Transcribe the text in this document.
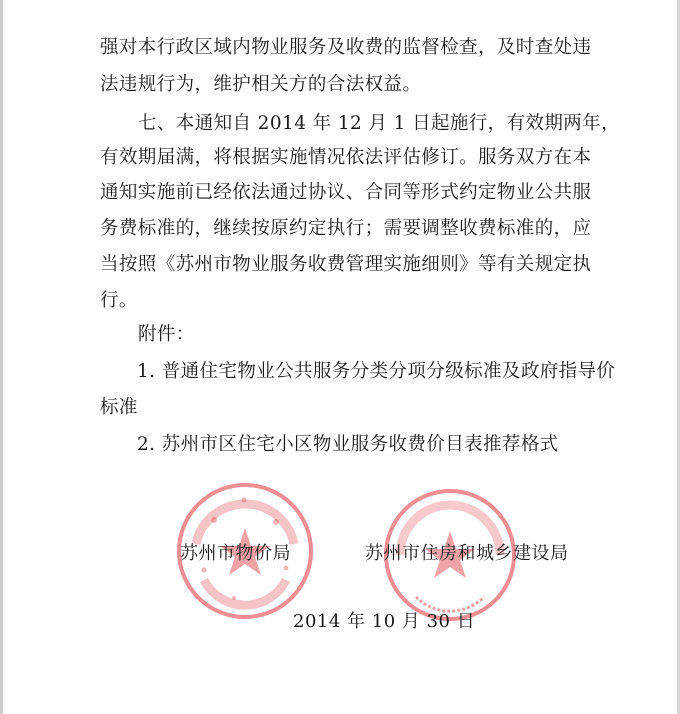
强对本行政区域内物业服务及收费的监督检查，及时查处违
法违规行为，维护相关方的合法权益。
七、本通知自 2014 年 12 月 1 日起施行，有效期两年，
有效期届满，将根据实施情况依法评估修订。服务双方在本
通知实施前已经依法通过协议、合同等形式约定物业公共服
务费标准的，继续按原约定执行；需要调整收费标准的，应
当按照《苏州市物业服务收费管理实施细则》等有关规定执
行。
附件：
1. 普通住宅物业公共服务分类分项分级标准及政府指导价
标准
2. 苏州市区住宅小区物业服务收费价目表推荐格式
苏州市物价局	苏州市住房和城乡建设局
2014 年 10 月 30 日
